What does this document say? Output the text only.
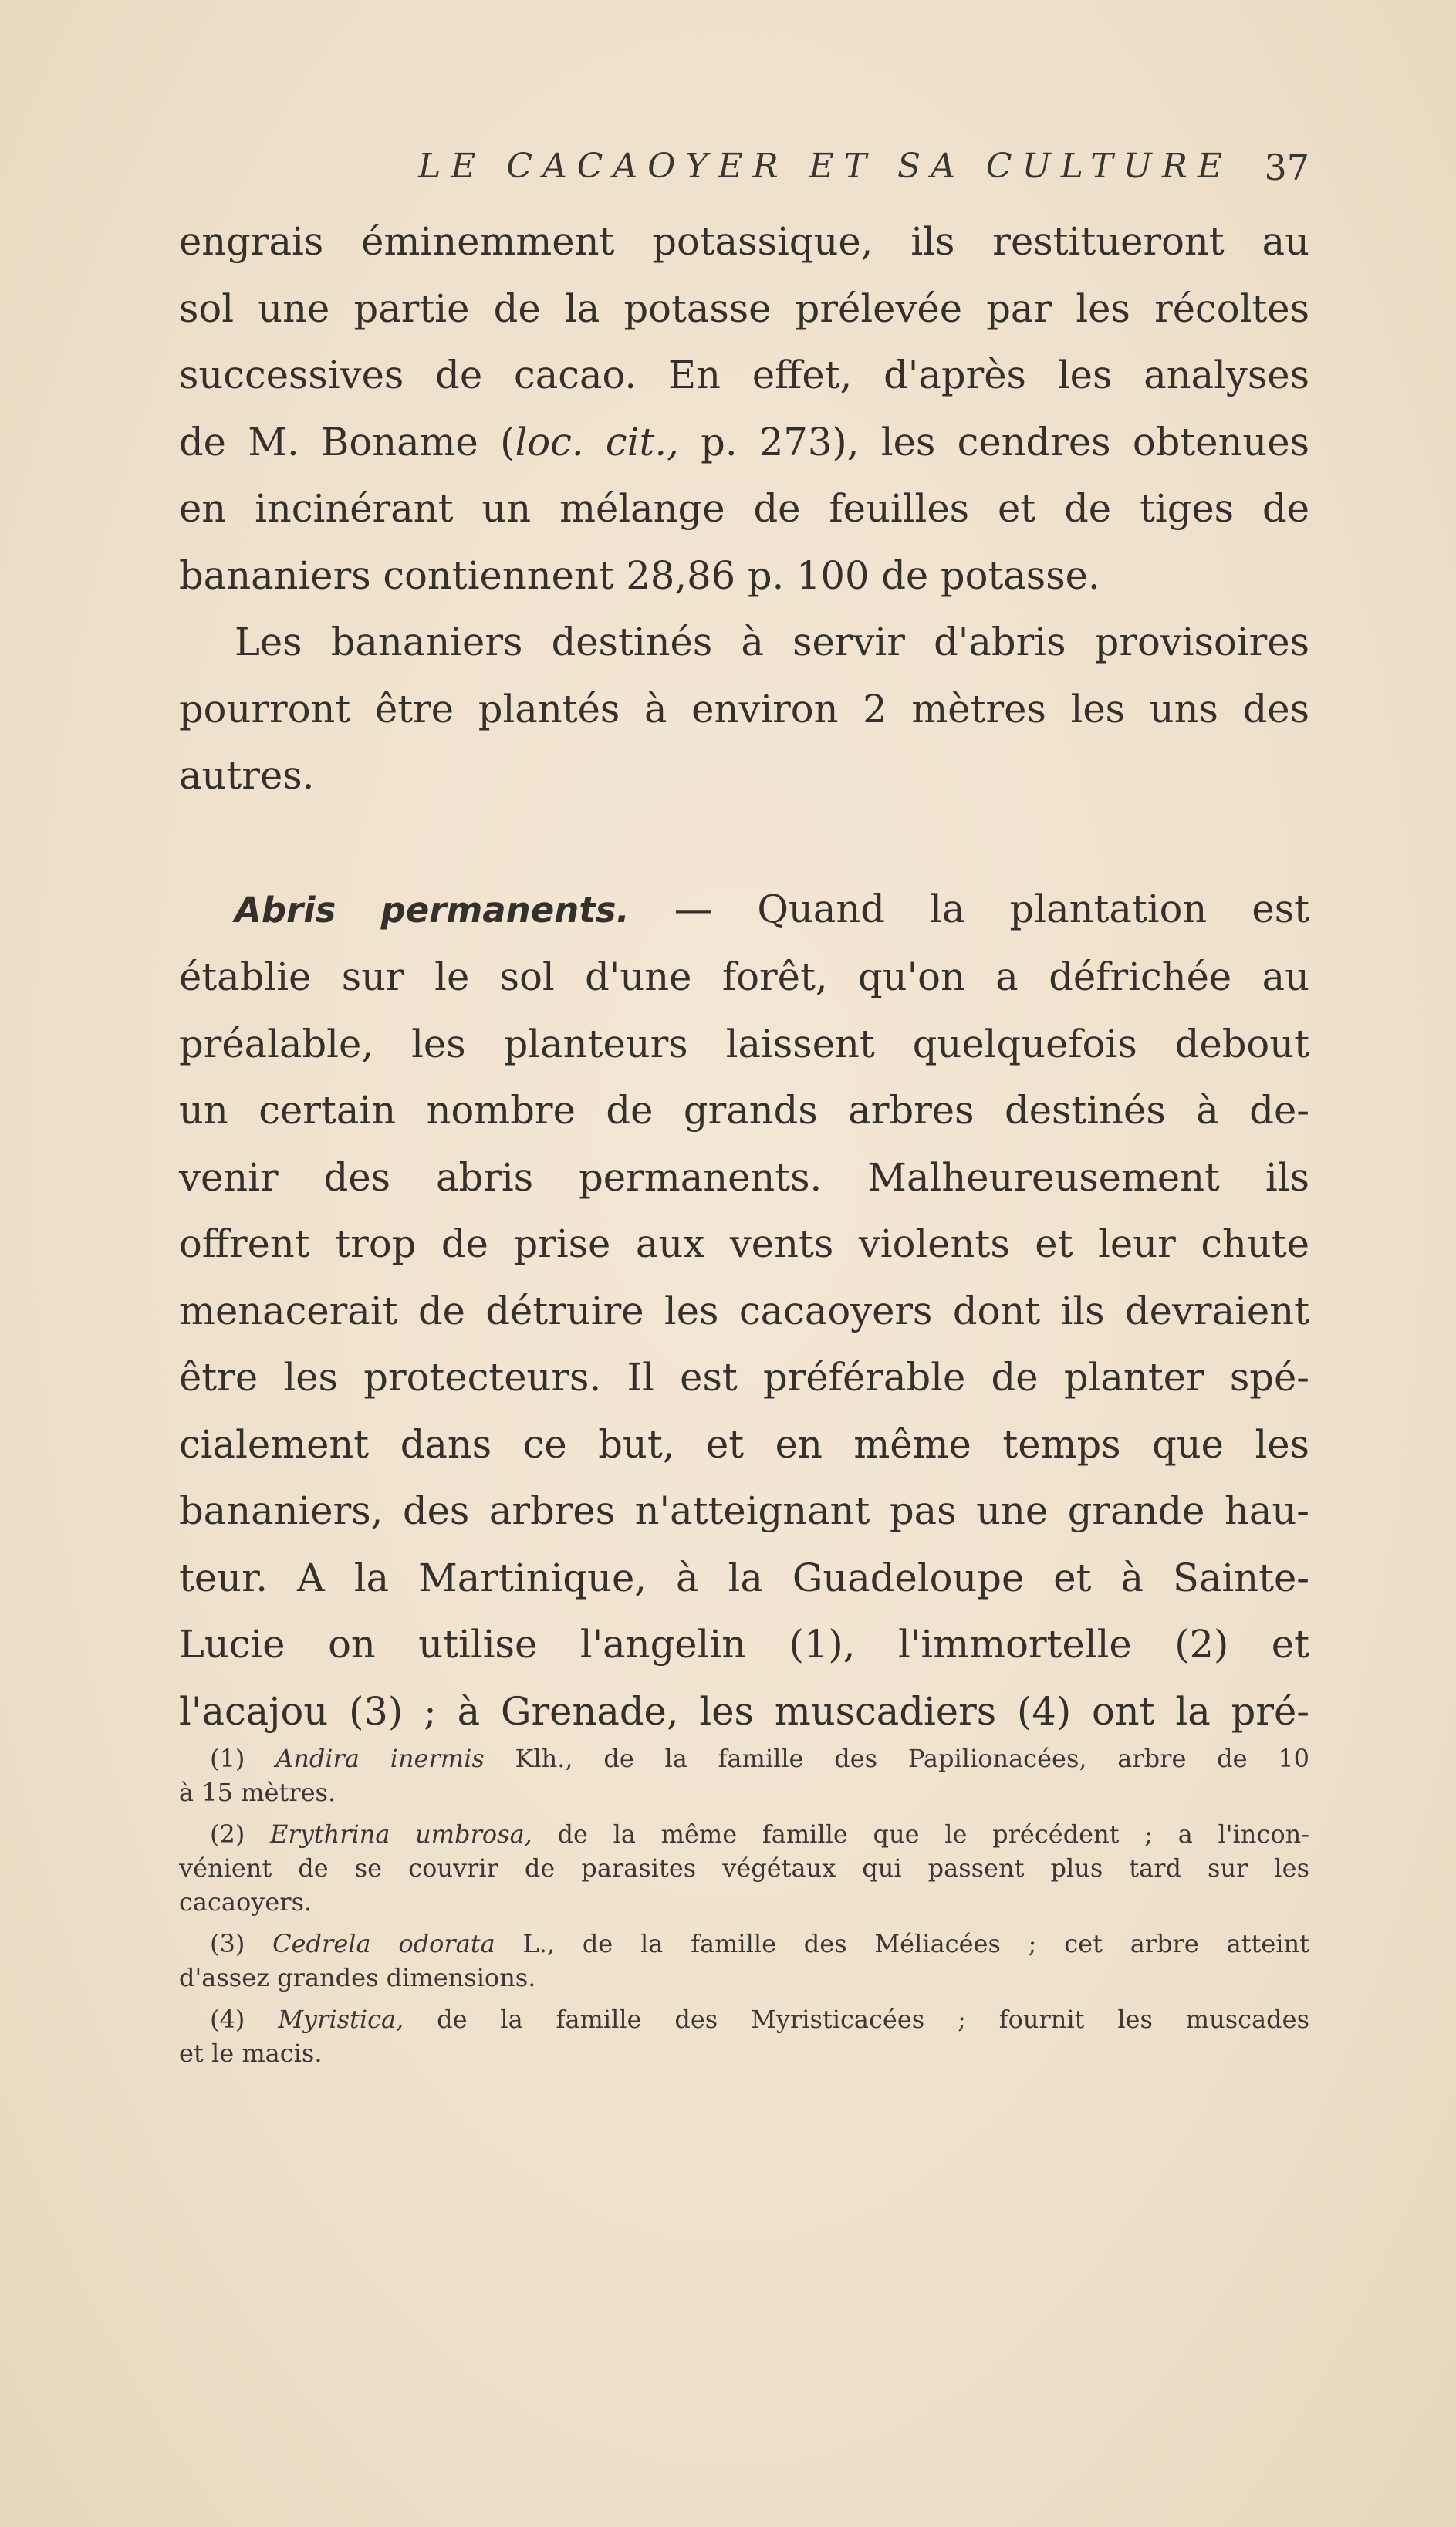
LE CACAOYER ET SA CULTURE 37
engrais éminemment potassique, ils restitueront au
sol une partie de la potasse prélevée par les récoltes
successives de cacao. En effet, d'après les analyses
de M. Boname (loc. cit., p. 273), les cendres obtenues
en incinérant un mélange de feuilles et de tiges de
bananiers contiennent 28,86 p. 100 de potasse.
Les bananiers destinés à servir d'abris provisoires
pourront être plantés à environ 2 mètres les uns des
autres.
Abris permanents. — Quand la plantation est
établie sur le sol d'une forêt, qu'on a défrichée au
préalable, les planteurs laissent quelquefois debout
un certain nombre de grands arbres destinés à de-
venir des abris permanents. Malheureusement ils
offrent trop de prise aux vents violents et leur chute
menacerait de détruire les cacaoyers dont ils devraient
être les protecteurs. Il est préférable de planter spé-
cialement dans ce but, et en même temps que les
bananiers, des arbres n'atteignant pas une grande hau-
teur. A la Martinique, à la Guadeloupe et à Sainte-
Lucie on utilise l'angelin (1), l'immortelle (2) et
l'acajou (3) ; à Grenade, les muscadiers (4) ont la pré-
(1) Andira inermis Klh., de la famille des Papilionacées, arbre de 10
à 15 mètres.
(2) Erythrina umbrosa, de la même famille que le précédent ; a l'incon-
vénient de se couvrir de parasites végétaux qui passent plus tard sur les
cacaoyers.
(3) Cedrela odorata L., de la famille des Méliacées ; cet arbre atteint
d'assez grandes dimensions.
(4) Myristica, de la famille des Myristicacées ; fournit les muscades
et le macis.
